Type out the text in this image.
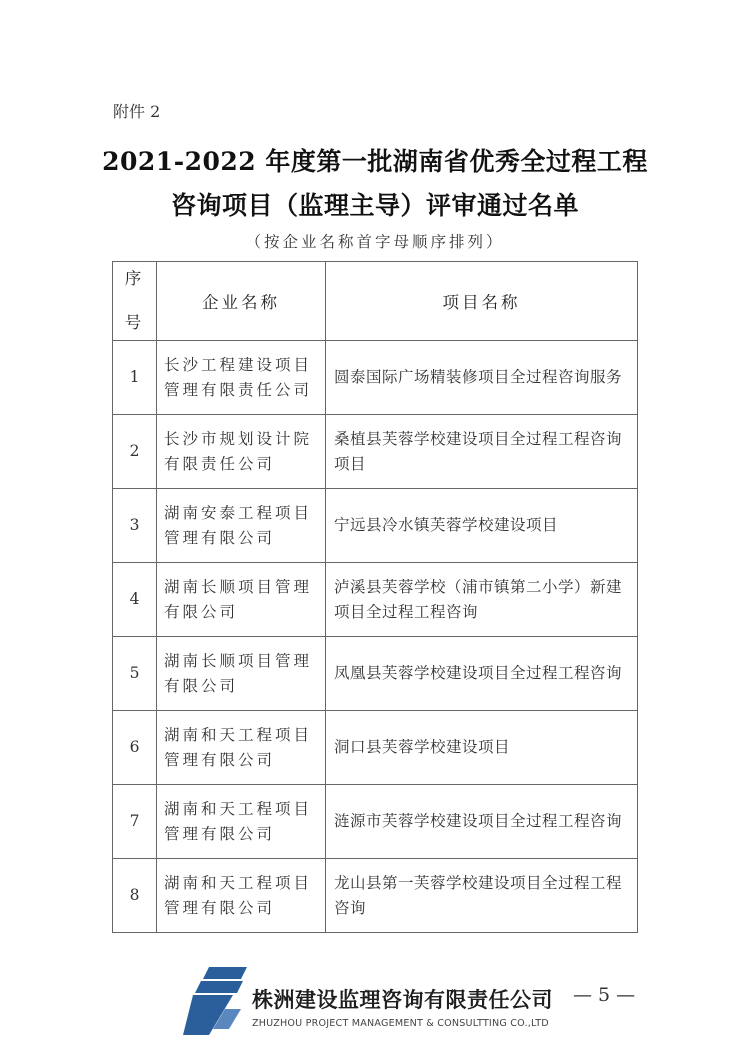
附件 2
2021-2022 年度第一批湖南省优秀全过程工程
咨询项目（监理主导）评审通过名单
（按企业名称首字母顺序排列）
序

号	企业名称	项目名称
1	长沙工程建设项目管理有限责任公司	圆泰国际广场精装修项目全过程咨询服务
2	长沙市规划设计院有限责任公司	桑植县芙蓉学校建设项目全过程工程咨询项目
3	湖南安泰工程项目管理有限公司	宁远县冷水镇芙蓉学校建设项目
4	湖南长顺项目管理有限公司	泸溪县芙蓉学校（浦市镇第二小学）新建项目全过程工程咨询
5	湖南长顺项目管理有限公司	凤凰县芙蓉学校建设项目全过程工程咨询
6	湖南和天工程项目管理有限公司	洞口县芙蓉学校建设项目
7	湖南和天工程项目管理有限公司	涟源市芙蓉学校建设项目全过程工程咨询
8	湖南和天工程项目管理有限公司	龙山县第一芙蓉学校建设项目全过程工程咨询
株洲建设监理咨询有限责任公司
ZHUZHOU PROJECT MANAGEMENT & CONSULTTING CO.,LTD
— 5 —
